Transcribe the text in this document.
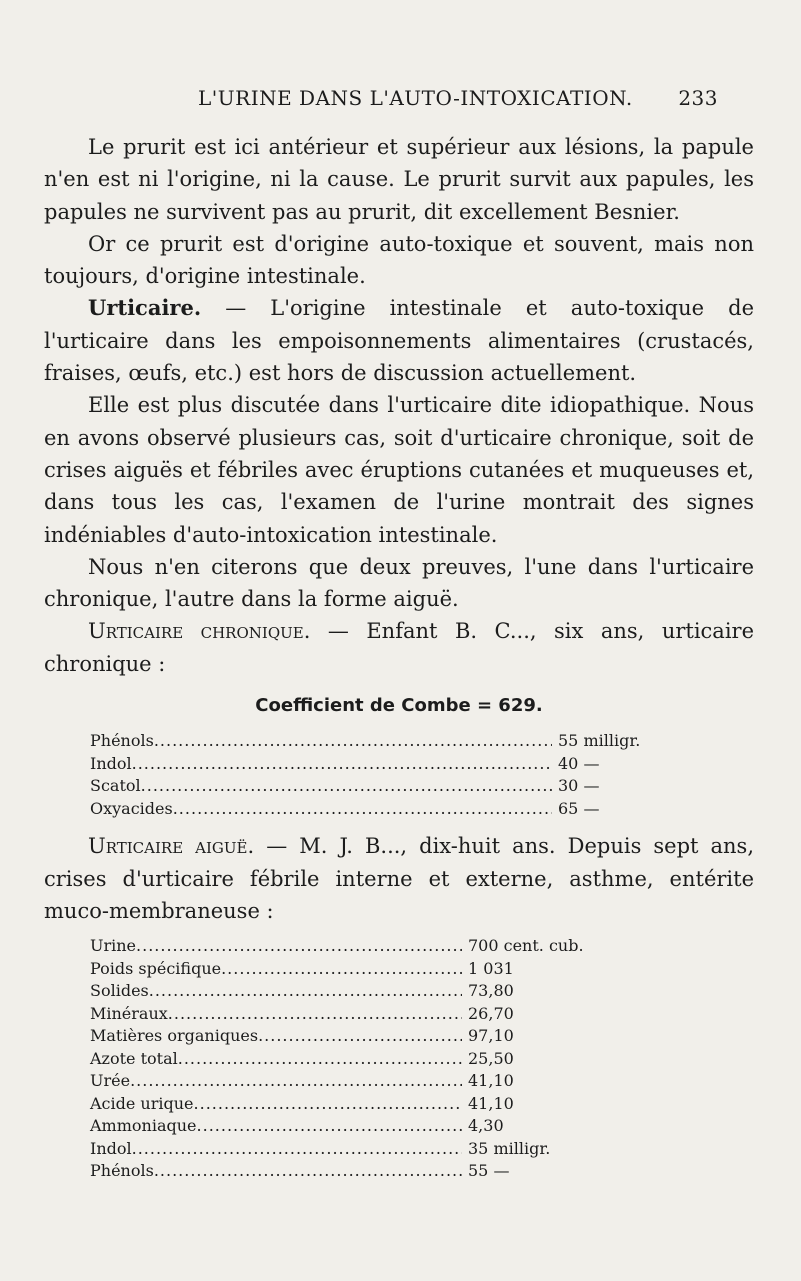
L'URINE DANS L'AUTO-INTOXICATION. 233

Le prurit est ici antérieur et supérieur aux lésions, la papule n'en est ni l'origine, ni la cause. Le prurit survit aux papules, les papules ne survivent pas au prurit, dit excellement Besnier.

Or ce prurit est d'origine auto-toxique et souvent, mais non toujours, d'origine intestinale.

Urticaire. — L'origine intestinale et auto-toxique de l'urticaire dans les empoisonnements alimentaires (crustacés, fraises, œufs, etc.) est hors de discussion actuellement.

Elle est plus discutée dans l'urticaire dite idiopathique. Nous en avons observé plusieurs cas, soit d'urticaire chronique, soit de crises aiguës et fébriles avec éruptions cutanées et muqueuses et, dans tous les cas, l'examen de l'urine montrait des signes indéniables d'auto-intoxication intestinale.

Nous n'en citerons que deux preuves, l'une dans l'urticaire chronique, l'autre dans la forme aiguë.

Urticaire chronique. — Enfant B. C..., six ans, urticaire chronique :

Coefficient de Combe = 629.
Phénols .....	55 milligr.
Indol .....	40 —
Scatol .....	30 —
Oxyacides .....	65 —

Urticaire aiguë. — M. J. B..., dix-huit ans. Depuis sept ans, crises d'urticaire fébrile interne et externe, asthme, entérite muco-membraneuse :

Urine .....	700 cent. cub.
Poids spécifique .....	1 031
Solides .....	73,80
Minéraux .....	26,70
Matières organiques .....	97,10
Azote total .....	25,50
Urée .....	41,10
Acide urique .....	41,10
Ammoniaque .....	4,30
Indol .....	35 milligr.
Phénols .....	55 —
